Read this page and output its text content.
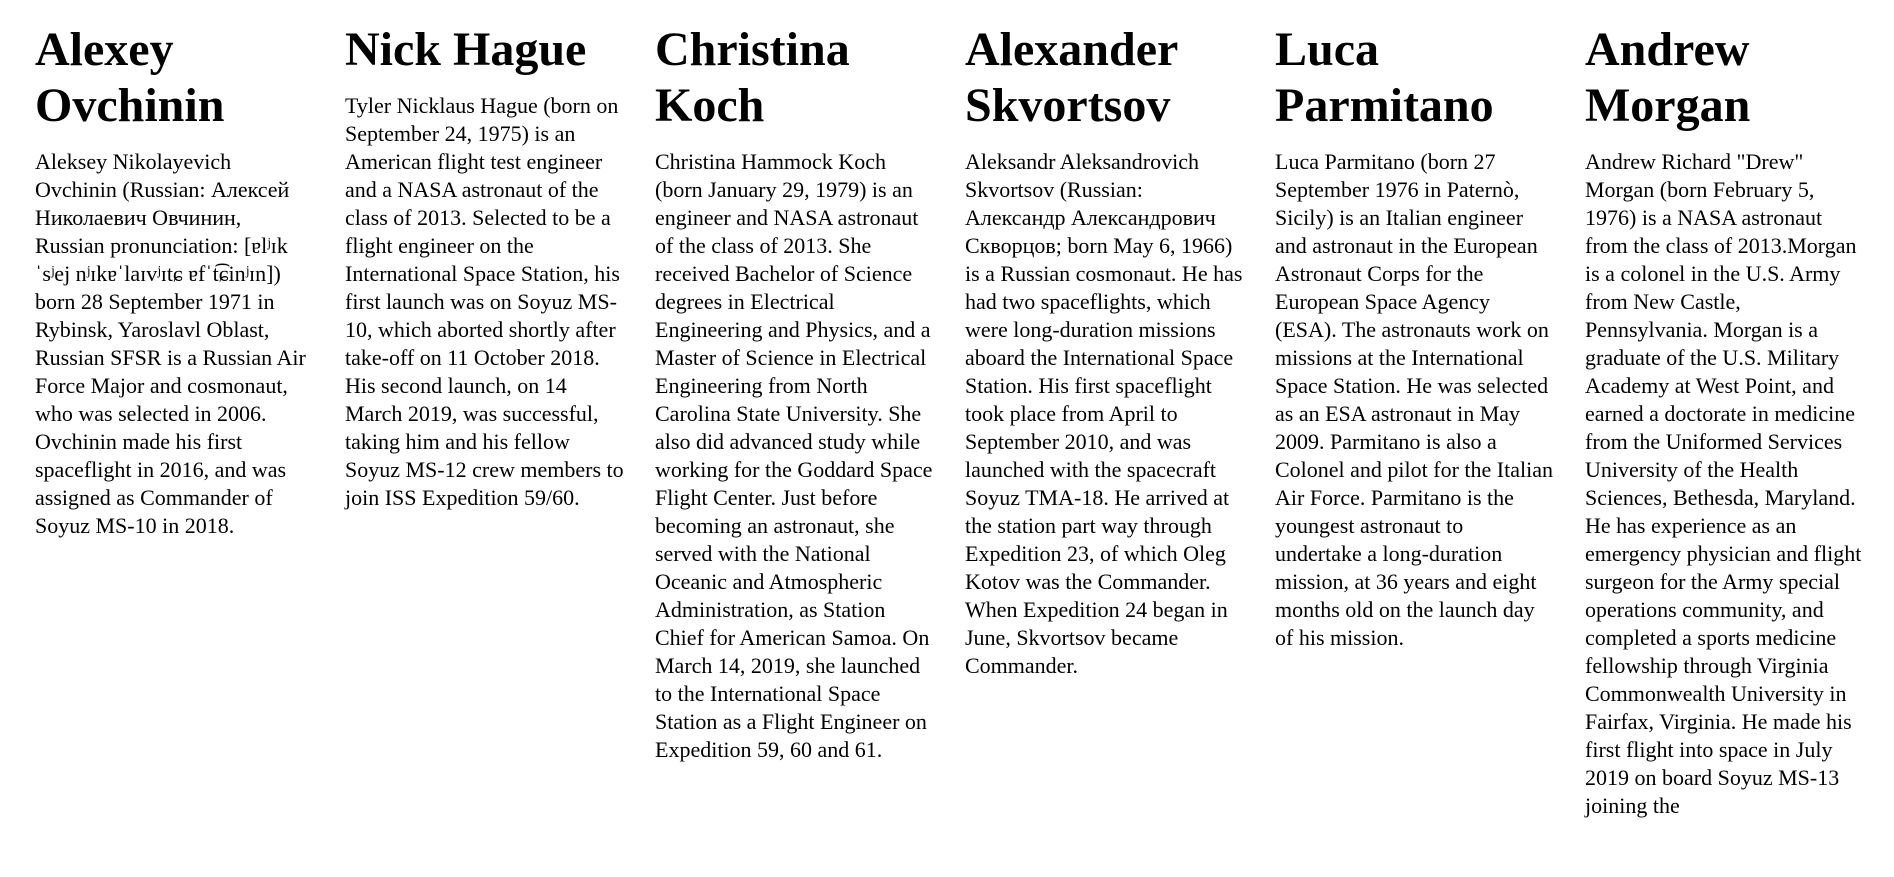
Alexey Ovchinin

Aleksey Nikolayevich Ovchinin (Russian: Алексей Николаевич Овчинин, Russian pronunciation: [ɐlʲɪkˈsʲej nʲɪkɐˈlaɪvʲɪtɕ ɐfˈt͡ɕinʲɪn]) born 28 September 1971 in Rybinsk, Yaroslavl Oblast, Russian SFSR is a Russian Air Force Major and cosmonaut, who was selected in 2006. Ovchinin made his first spaceflight in 2016, and was assigned as Commander of Soyuz MS-10 in 2018.

Nick Hague

Tyler Nicklaus Hague (born on September 24, 1975) is an American flight test engineer and a NASA astronaut of the class of 2013. Selected to be a flight engineer on the International Space Station, his first launch was on Soyuz MS-10, which aborted shortly after take-off on 11 October 2018. His second launch, on 14 March 2019, was successful, taking him and his fellow Soyuz MS-12 crew members to join ISS Expedition 59/60.

Christina Koch

Christina Hammock Koch (born January 29, 1979) is an engineer and NASA astronaut of the class of 2013. She received Bachelor of Science degrees in Electrical Engineering and Physics, and a Master of Science in Electrical Engineering from North Carolina State University. She also did advanced study while working for the Goddard Space Flight Center. Just before becoming an astronaut, she served with the National Oceanic and Atmospheric Administration, as Station Chief for American Samoa. On March 14, 2019, she launched to the International Space Station as a Flight Engineer on Expedition 59, 60 and 61.

Alexander Skvortsov

Aleksandr Aleksandrovich Skvortsov (Russian: Александр Александрович Скворцов; born May 6, 1966) is a Russian cosmonaut. He has had two spaceflights, which were long-duration missions aboard the International Space Station. His first spaceflight took place from April to September 2010, and was launched with the spacecraft Soyuz TMA-18. He arrived at the station part way through Expedition 23, of which Oleg Kotov was the Commander. When Expedition 24 began in June, Skvortsov became Commander.

Luca Parmitano

Luca Parmitano (born 27 September 1976 in Paternò, Sicily) is an Italian engineer and astronaut in the European Astronaut Corps for the European Space Agency (ESA). The astronauts work on missions at the International Space Station. He was selected as an ESA astronaut in May 2009. Parmitano is also a Colonel and pilot for the Italian Air Force. Parmitano is the youngest astronaut to undertake a long-duration mission, at 36 years and eight months old on the launch day of his mission.

Andrew Morgan

Andrew Richard "Drew" Morgan (born February 5, 1976) is a NASA astronaut from the class of 2013.Morgan is a colonel in the U.S. Army from New Castle, Pennsylvania. Morgan is a graduate of the U.S. Military Academy at West Point, and earned a doctorate in medicine from the Uniformed Services University of the Health Sciences, Bethesda, Maryland. He has experience as an emergency physician and flight surgeon for the Army special operations community, and completed a sports medicine fellowship through Virginia Commonwealth University in Fairfax, Virginia. He made his first flight into space in July 2019 on board Soyuz MS-13 joining the
